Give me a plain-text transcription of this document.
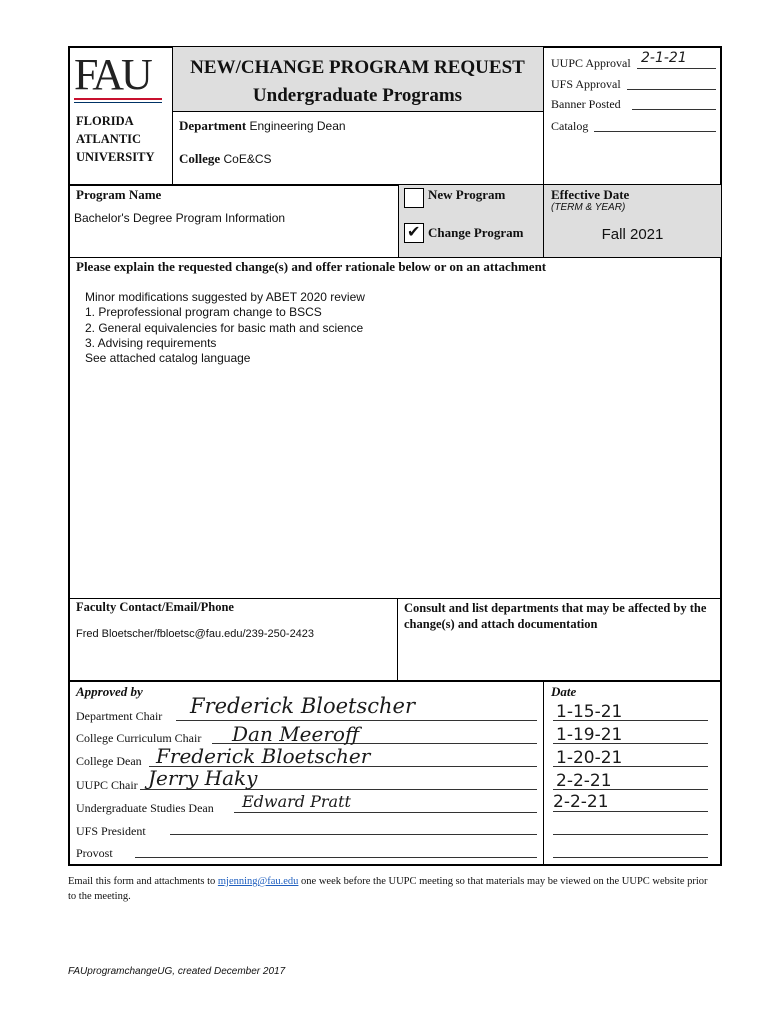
FAU
FLORIDA
ATLANTIC
UNIVERSITY
NEW/CHANGE PROGRAM REQUEST
Undergraduate Programs
Department Engineering Dean
College CoE&CS
UUPC Approval 2-1-21
UFS Approval
Banner Posted
Catalog
Program Name
Bachelor's Degree Program Information
New Program
✔ Change Program
Effective Date
(TERM & YEAR)
Fall 2021
Please explain the requested change(s) and offer rationale below or on an attachment
Minor modifications suggested by ABET 2020 review
1. Preprofessional program change to BSCS
2. General equivalencies for basic math and science
3. Advising requirements
See attached catalog language
Faculty Contact/Email/Phone
Fred Bloetscher/fbloetsc@fau.edu/239-250-2423
Consult and list departments that may be affected by the change(s) and attach documentation
Approved by	Date
Department Chair Frederick Bloetscher	1-15-21
College Curriculum Chair Dan Meeroff	1-19-21
College Dean Frederick Bloetscher	1-20-21
UUPC Chair Jerry Haky	2-2-21
Undergraduate Studies Dean Edward Pratt	2-2-21
UFS President
Provost
Email this form and attachments to mjenning@fau.edu one week before the UUPC meeting so that materials may be viewed on the UUPC website prior to the meeting.
FAUprogramchangeUG, created December 2017
